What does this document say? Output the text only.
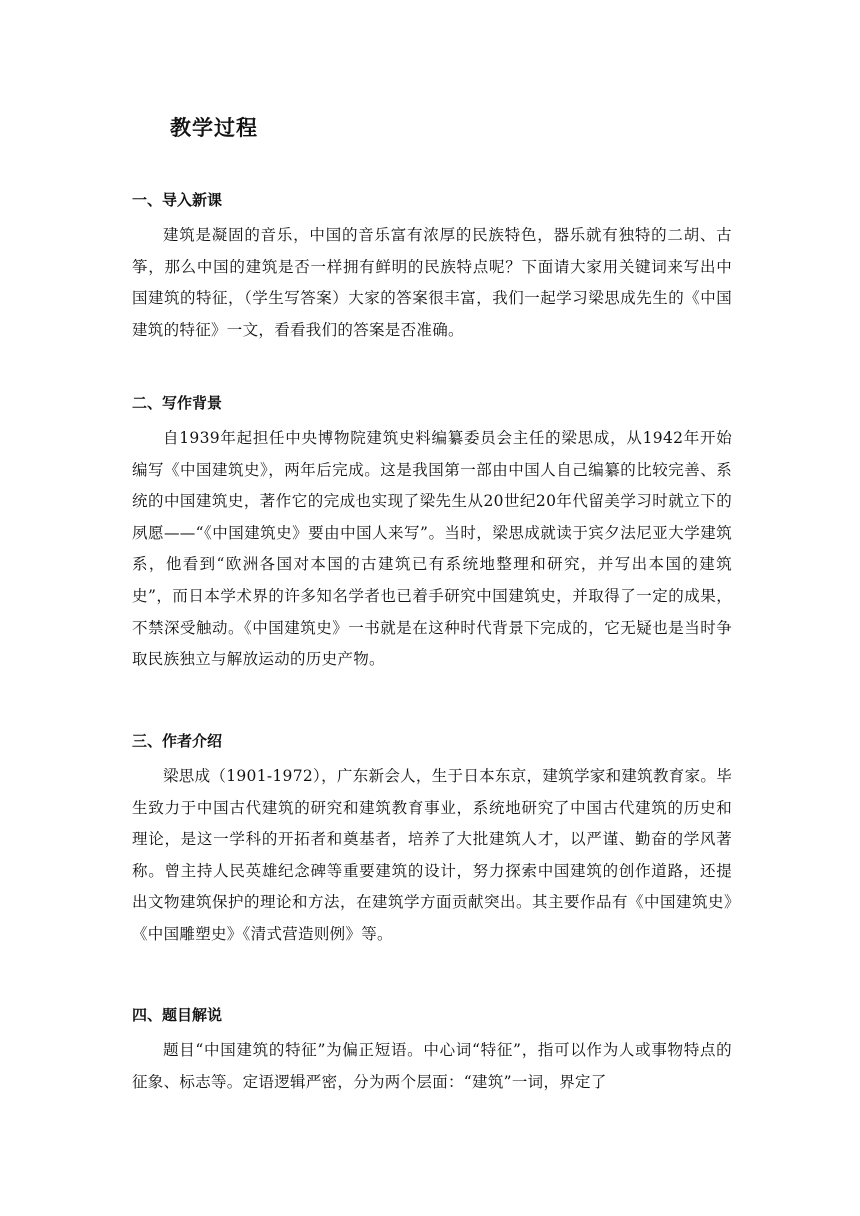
教学过程
一、导入新课

建筑是凝固的音乐，中国的音乐富有浓厚的民族特色，器乐就有独特的二胡、古筝，那么中国的建筑是否一样拥有鲜明的民族特点呢？下面请大家用关键词来写出中国建筑的特征，（学生写答案）大家的答案很丰富，我们一起学习梁思成先生的《中国建筑的特征》一文，看看我们的答案是否准确。

二、写作背景

自1939年起担任中央博物院建筑史料编纂委员会主任的梁思成，从1942年开始编写《中国建筑史》，两年后完成。这是我国第一部由中国人自己编纂的比较完善、系统的中国建筑史，著作它的完成也实现了梁先生从20世纪20年代留美学习时就立下的夙愿——“《中国建筑史》要由中国人来写”。当时，梁思成就读于宾夕法尼亚大学建筑系，他看到“欧洲各国对本国的古建筑已有系统地整理和研究，并写出本国的建筑史”，而日本学术界的许多知名学者也已着手研究中国建筑史，并取得了一定的成果，不禁深受触动。《中国建筑史》一书就是在这种时代背景下完成的，它无疑也是当时争取民族独立与解放运动的历史产物。

三、作者介绍

梁思成（1901-1972），广东新会人，生于日本东京，建筑学家和建筑教育家。毕生致力于中国古代建筑的研究和建筑教育事业，系统地研究了中国古代建筑的历史和理论，是这一学科的开拓者和奠基者，培养了大批建筑人才，以严谨、勤奋的学风著称。曾主持人民英雄纪念碑等重要建筑的设计，努力探索中国建筑的创作道路，还提出文物建筑保护的理论和方法，在建筑学方面贡献突出。其主要作品有《中国建筑史》《中国雕塑史》《清式营造则例》等。

四、题目解说

题目“中国建筑的特征”为偏正短语。中心词“特征”，指可以作为人或事物特点的征象、标志等。定语逻辑严密，分为两个层面：“建筑”一词，界定了
